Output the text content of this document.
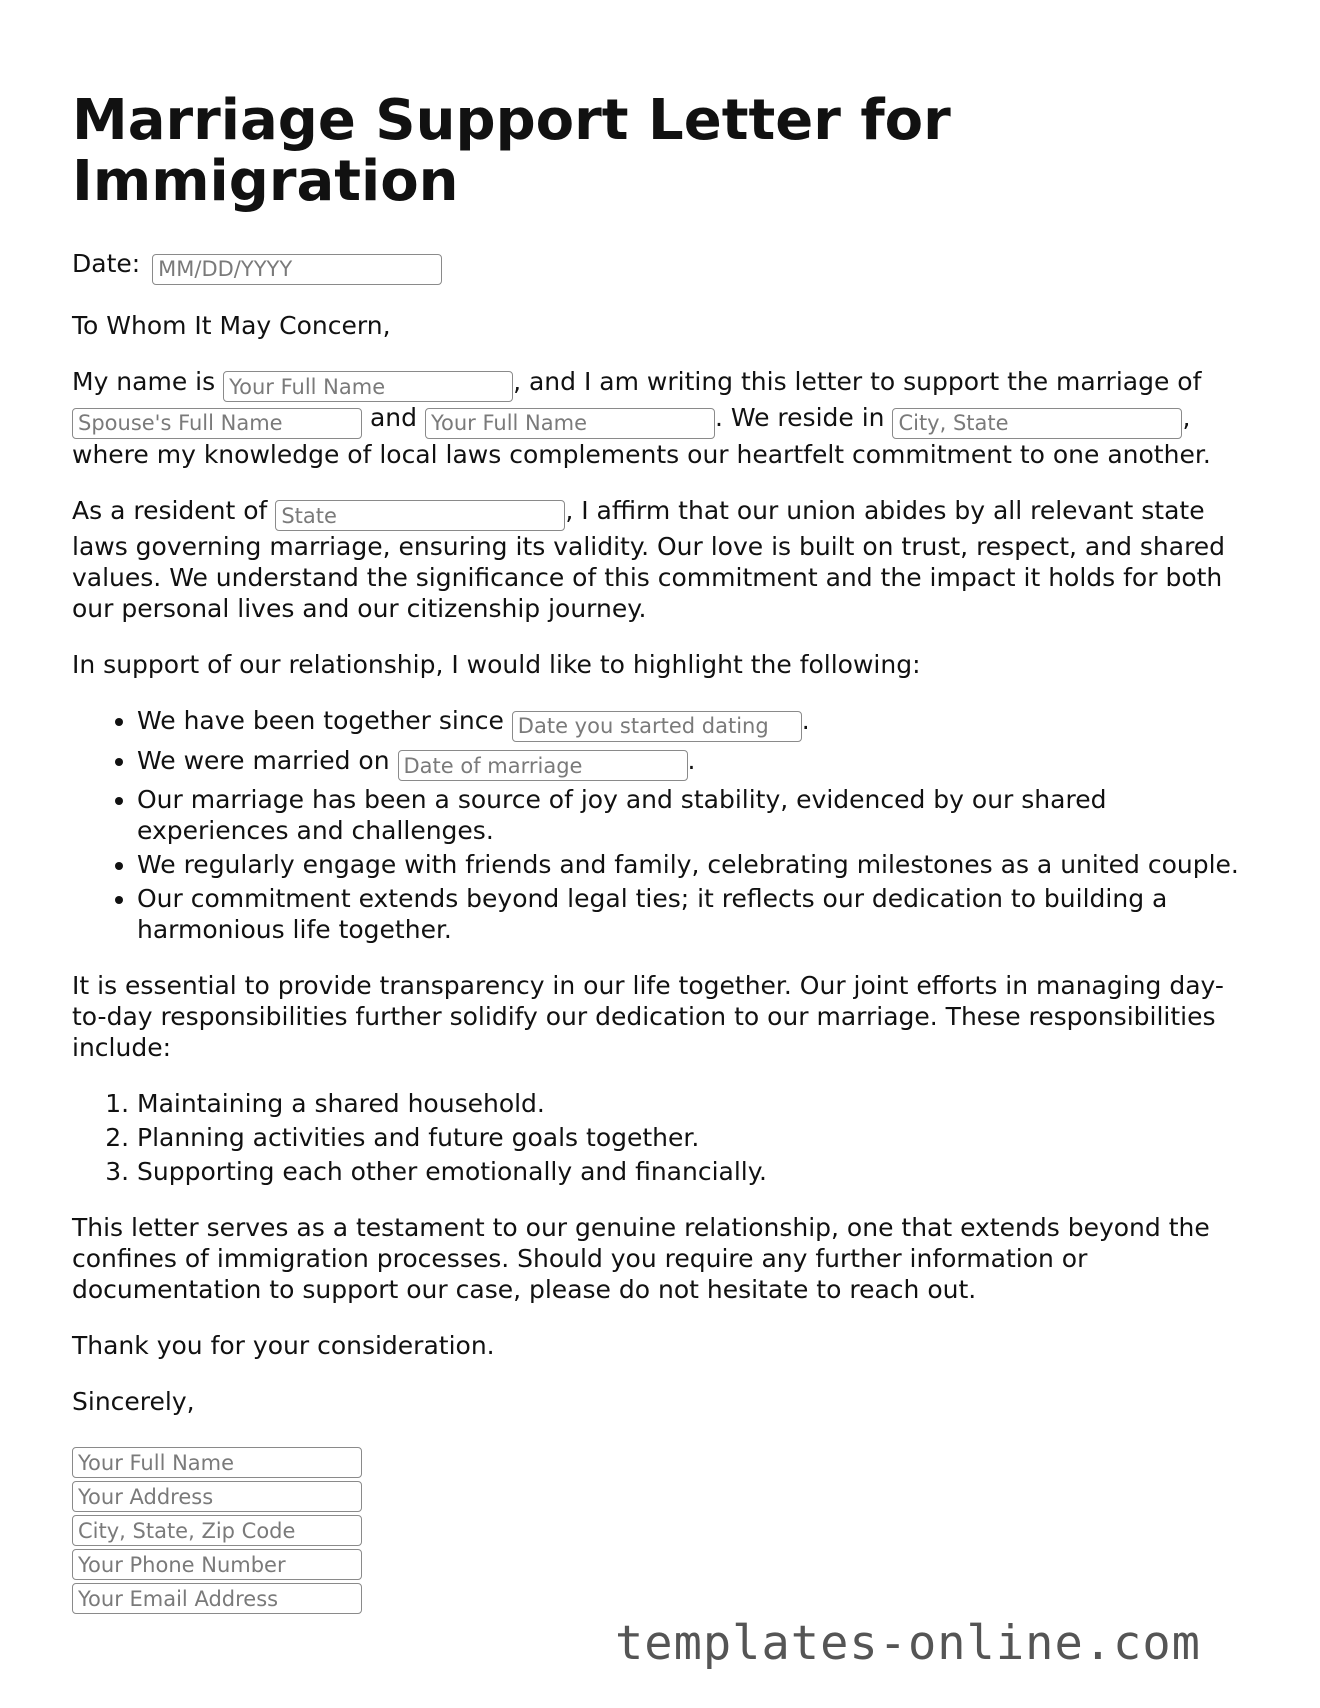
Marriage Support Letter for Immigration

Date: MM/DD/YYYY

To Whom It May Concern,

My name is Your Full Name	, and I am writing this letter to support the marriage of Spouse's Full Name and Your Full Name	. We reside in City, State	, where my knowledge of local laws complements our heartfelt commitment to one another.

As a resident of State	, I affirm that our union abides by all relevant state laws governing marriage, ensuring its validity. Our love is built on trust, respect, and shared values. We understand the significance of this commitment and the impact it holds for both our personal lives and our citizenship journey.

In support of our relationship, I would like to highlight the following:

• We have been together since Date you started dating	.
• We were married on Date of marriage	.
• Our marriage has been a source of joy and stability, evidenced by our shared experiences and challenges.
• We regularly engage with friends and family, celebrating milestones as a united couple.
• Our commitment extends beyond legal ties; it reflects our dedication to building a harmonious life together.

It is essential to provide transparency in our life together. Our joint efforts in managing day-to-day responsibilities further solidify our dedication to our marriage. These responsibilities include:

1. Maintaining a shared household.
2. Planning activities and future goals together.
3. Supporting each other emotionally and financially.

This letter serves as a testament to our genuine relationship, one that extends beyond the confines of immigration processes. Should you require any further information or documentation to support our case, please do not hesitate to reach out.

Thank you for your consideration.

Sincerely,

Your Full Name
Your Address
City, State, Zip Code
Your Phone Number
Your Email Address
templates-online.com
